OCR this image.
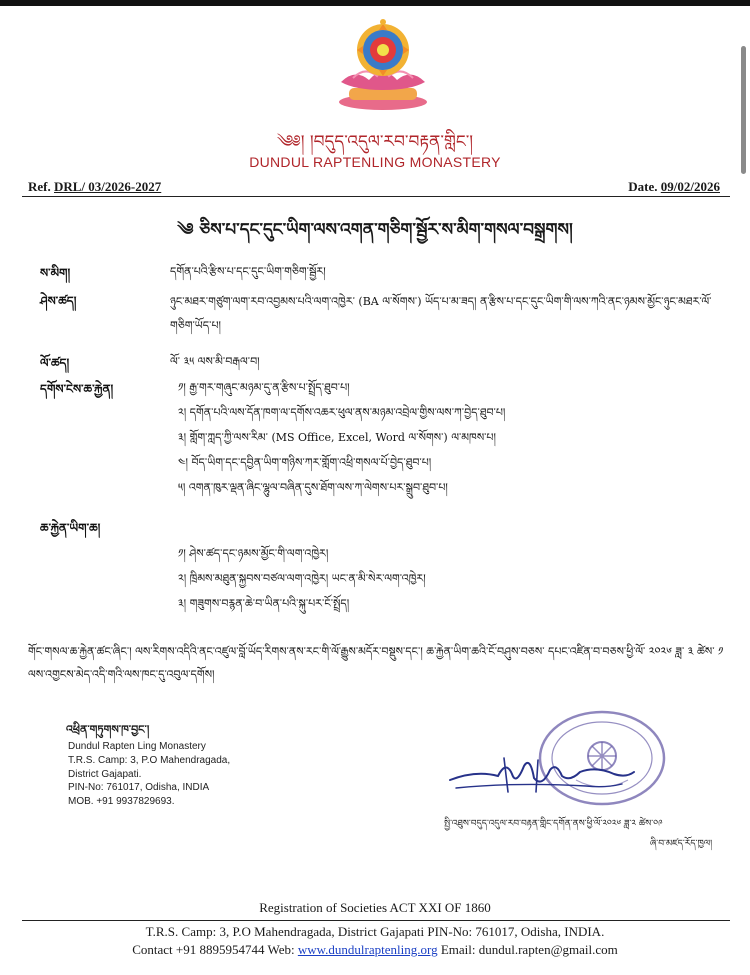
༄༅། །བདུད་འདུལ་རབ་བརྟན་གླིང་།
DUNDUL RAPTENLING MONASTERY
Ref. DRL/ 03/2026-2027	Date. 09/02/2026
༄ ཅིས་པ་དང་དུང་ཡིག་ལས་འགན་གཅིག་སྦྱོར་ས་མིག་གསལ་བསྒྲགས།
ས་མིག།	དགོན་པའི་རྩིས་པ་དང་དུང་ཡིག་གཅིག་སྦྱོར།
ཤེས་ཚད།	ཉུང་མཐར་གཙུག་ལག་རབ་འབྱམས་པའི་ལག་འཁྱེར་ (BA ལ་སོགས་) ཡོད་པ་མ་ཟད། ན་རྩིས་པ་དང་དུང་ཡིག་གི་ལས་ཀའི་ནང་ཉམས་མྱོང་ཉུང་མཐར་ལོ་གཅིག་ཡོད་པ།
ལོ་ཚད།	ལོ་ ༣༥ ལས་མི་བརྒལ་བ།
དགོས་ངེས་ཆ་རྐྱེན།	༡། རྒྱ་གར་གཞུང་མཉམ་དུ་ན་རྩིས་པ་སྤྲོད་ཐུབ་པ།
༢། དགོན་པའི་ལས་དོན་ཁག་ལ་དགོས་འཆར་ཕུལ་ནས་མཉམ་འབྲེལ་གྱིས་ལས་ཀ་བྱེད་ཐུབ་པ།
༣། གློག་ཀླད་ཀྱི་ལས་རིམ་ (MS Office, Excel, Word ལ་སོགས་) ལ་མཁས་པ།
༤། བོད་ཡིག་དང་དབྱིན་ཡིག་གཉིས་ཀར་གློག་འཕྲི་གསལ་པོ་བྱེད་ཐུབ་པ།
༥། འགན་ཁུར་ལྡན་ཞིང་ལྷུལ་བཞིན་དུས་ཐོག་ལས་ཀ་ལེགས་པར་སྒྲུབ་ཐུབ་པ།
ཆ་རྐྱེན་ཡིག་ཆ།
༡། ཤེས་ཚད་དང་ཉམས་མྱོང་གི་ལག་འཁྱེར།
༢། ཁྲིམས་མཐུན་སྐྱབས་བཙལ་ལག་འཁྱེར། ཡང་ན་མི་སེར་ལག་འཁྱེར།
༣། གཟུགས་བརྙན་ཆེ་བ་ཡིན་པའི་སྐུ་པར་ངོ་སྤྲོད།
གོང་གསལ་ཆ་རྐྱེན་ཚང་ཞིང་། ལས་རིགས་འདིའི་ནང་འཛུལ་བློ་ཡོད་རིགས་ནས་རང་གི་ལོ་རྒྱུས་མདོར་བསྡུས་དང་། ཆ་རྐྱེན་ཡིག་ཆའི་ངོ་བཤུས་བཅས་ དཔང་འཛིན་བ་བཅས་ཕྱི་ལོ་ ༢༠༢༦ ཟླ་ ༣ ཚེས་ ༡ ལས་འགྱངས་མེད་འདི་གའི་ལས་ཁང་དུ་འབུལ་དགོས།
འཕྲིན་གཏུགས་ཁ་བྱང་།
Dundul Rapten Ling Monastery
T.R.S. Camp: 3, P.O Mahendragada,
District Gajapati.
PIN-No: 761017, Odisha, INDIA
MOB. +91 9937829693.
སྤྱི་འཐུས་བདུད་འདུལ་རབ་བརྟན་གླིང་དགོན་ནས་ཕྱི་ལོ་༢༠༢༦ ཟླ་༢ ཚེས་༠༩
ཞི་བ་མཛད་རོད་ཁྱལ།
Registration of Societies ACT XXI OF 1860
T.R.S. Camp: 3, P.O Mahendragada, District Gajapati PIN-No: 761017, Odisha, INDIA.
Contact +91 8895954744 Web: www.dundulraptenling.org Email: dundul.rapten@gmail.com
